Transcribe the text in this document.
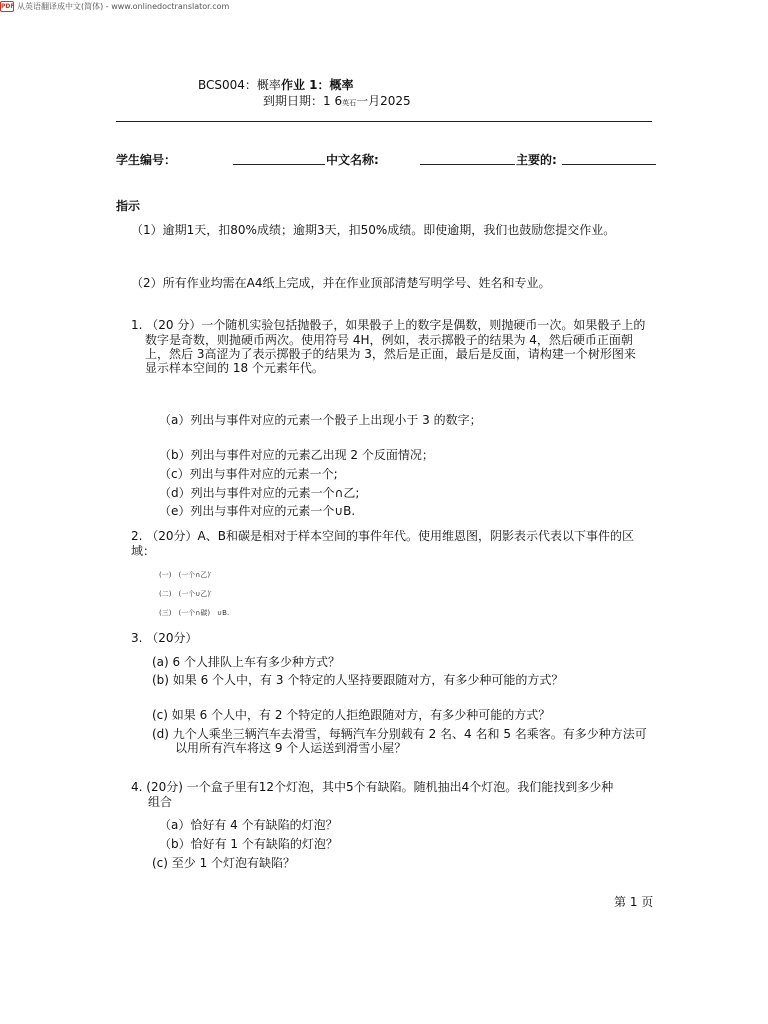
PDF 从英语翻译成中文(简体) - www.onlinedoctranslator.com
BCS004：概率作业 1：概率
到期日期：1 6英石一月2025
学生编号：	中文名称:	主要的:
指示
（1）逾期1天，扣80%成绩；逾期3天，扣50%成绩。即使逾期，我们也鼓励您提交作业。
（2）所有作业均需在A4纸上完成，并在作业顶部清楚写明学号、姓名和专业。
1. （20 分）一个随机实验包括抛骰子，如果骰子上的数字是偶数，则抛硬币一次。如果骰子上的
数字是奇数，则抛硬币两次。使用符号 4H，例如，表示掷骰子的结果为 4，然后硬币正面朝
上，然后 3高涩为了表示掷骰子的结果为 3，然后是正面，最后是反面，请构建一个树形图来
显示样本空间的 18 个元素年代。
（a）列出与事件对应的元素一个骰子上出现小于 3 的数字；
（b）列出与事件对应的元素乙出现 2 个反面情况；
（c）列出与事件对应的元素一个;
（d）列出与事件对应的元素一个∩乙;
（e）列出与事件对应的元素一个∪B.
2. （20分）A、B和碳是相对于样本空间的事件年代。使用维恩图，阴影表示代表以下事件的区
域：
(一)　(一个∩乙)′
(二)　(一个∪乙)′
(三)　(一个∩碳)　∪B.
3. （20分）
(a) 6 个人排队上车有多少种方式？
(b) 如果 6 个人中，有 3 个特定的人坚持要跟随对方，有多少种可能的方式？
(c) 如果 6 个人中，有 2 个特定的人拒绝跟随对方，有多少种可能的方式？
(d) 九个人乘坐三辆汽车去滑雪，每辆汽车分别载有 2 名、4 名和 5 名乘客。有多少种方法可
以用所有汽车将这 9 个人运送到滑雪小屋？
4. (20分) 一个盒子里有12个灯泡，其中5个有缺陷。随机抽出4个灯泡。我们能找到多少种
组合
（a）恰好有 4 个有缺陷的灯泡？
（b）恰好有 1 个有缺陷的灯泡？
(c) 至少 1 个灯泡有缺陷？
第 1 页
